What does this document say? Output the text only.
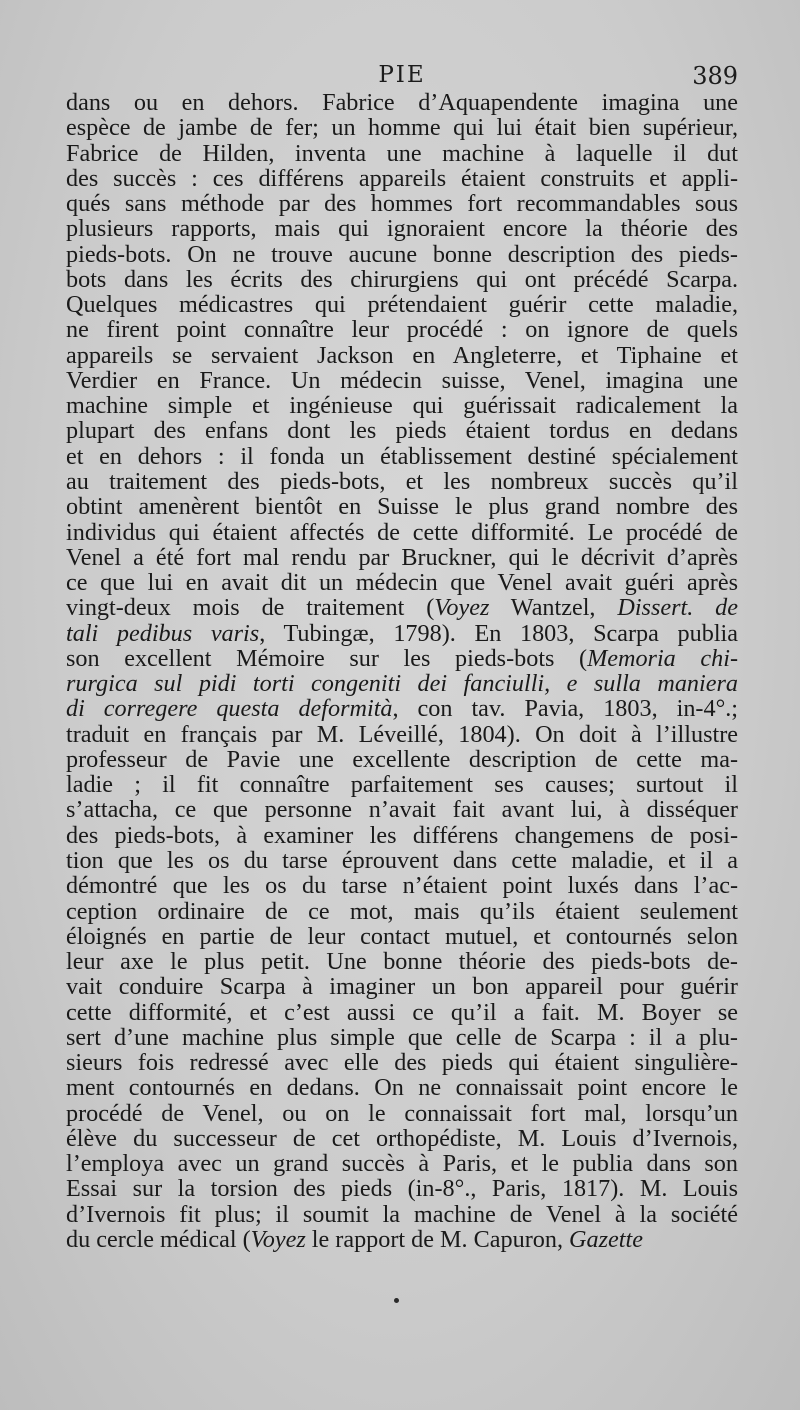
PIE	389
dans ou en dehors. Fabrice d’Aquapendente imagina une
espèce de jambe de fer; un homme qui lui était bien supérieur,
Fabrice de Hilden, inventa une machine à laquelle il dut
des succès : ces différens appareils étaient construits et appli-
qués sans méthode par des hommes fort recommandables sous
plusieurs rapports, mais qui ignoraient encore la théorie des
pieds-bots. On ne trouve aucune bonne description des pieds-
bots dans les écrits des chirurgiens qui ont précédé Scarpa.
Quelques médicastres qui prétendaient guérir cette maladie,
ne firent point connaître leur procédé : on ignore de quels
appareils se servaient Jackson en Angleterre, et Tiphaine et
Verdier en France. Un médecin suisse, Venel, imagina une
machine simple et ingénieuse qui guérissait radicalement la
plupart des enfans dont les pieds étaient tordus en dedans
et en dehors : il fonda un établissement destiné spécialement
au traitement des pieds-bots, et les nombreux succès qu’il
obtint amenèrent bientôt en Suisse le plus grand nombre des
individus qui étaient affectés de cette difformité. Le procédé de
Venel a été fort mal rendu par Bruckner, qui le décrivit d’après
ce que lui en avait dit un médecin que Venel avait guéri après
vingt-deux mois de traitement (Voyez Wantzel, Dissert. de
tali pedibus varis, Tubingæ, 1798). En 1803, Scarpa publia
son excellent Mémoire sur les pieds-bots (Memoria chi-
rurgica sul pidi torti congeniti dei fanciulli, e sulla maniera
di corregere questa deformità, con tav. Pavia, 1803, in-4°.;
traduit en français par M. Léveillé, 1804). On doit à l’illustre
professeur de Pavie une excellente description de cette ma-
ladie ; il fit connaître parfaitement ses causes; surtout il
s’attacha, ce que personne n’avait fait avant lui, à disséquer
des pieds-bots, à examiner les différens changemens de posi-
tion que les os du tarse éprouvent dans cette maladie, et il a
démontré que les os du tarse n’étaient point luxés dans l’ac-
ception ordinaire de ce mot, mais qu’ils étaient seulement
éloignés en partie de leur contact mutuel, et contournés selon
leur axe le plus petit. Une bonne théorie des pieds-bots de-
vait conduire Scarpa à imaginer un bon appareil pour guérir
cette difformité, et c’est aussi ce qu’il a fait. M. Boyer se
sert d’une machine plus simple que celle de Scarpa : il a plu-
sieurs fois redressé avec elle des pieds qui étaient singulière-
ment contournés en dedans. On ne connaissait point encore le
procédé de Venel, ou on le connaissait fort mal, lorsqu’un
élève du successeur de cet orthopédiste, M. Louis d’Ivernois,
l’employa avec un grand succès à Paris, et le publia dans son
Essai sur la torsion des pieds (in-8°., Paris, 1817). M. Louis
d’Ivernois fit plus; il soumit la machine de Venel à la société
du cercle médical (Voyez le rapport de M. Capuron, Gazette
